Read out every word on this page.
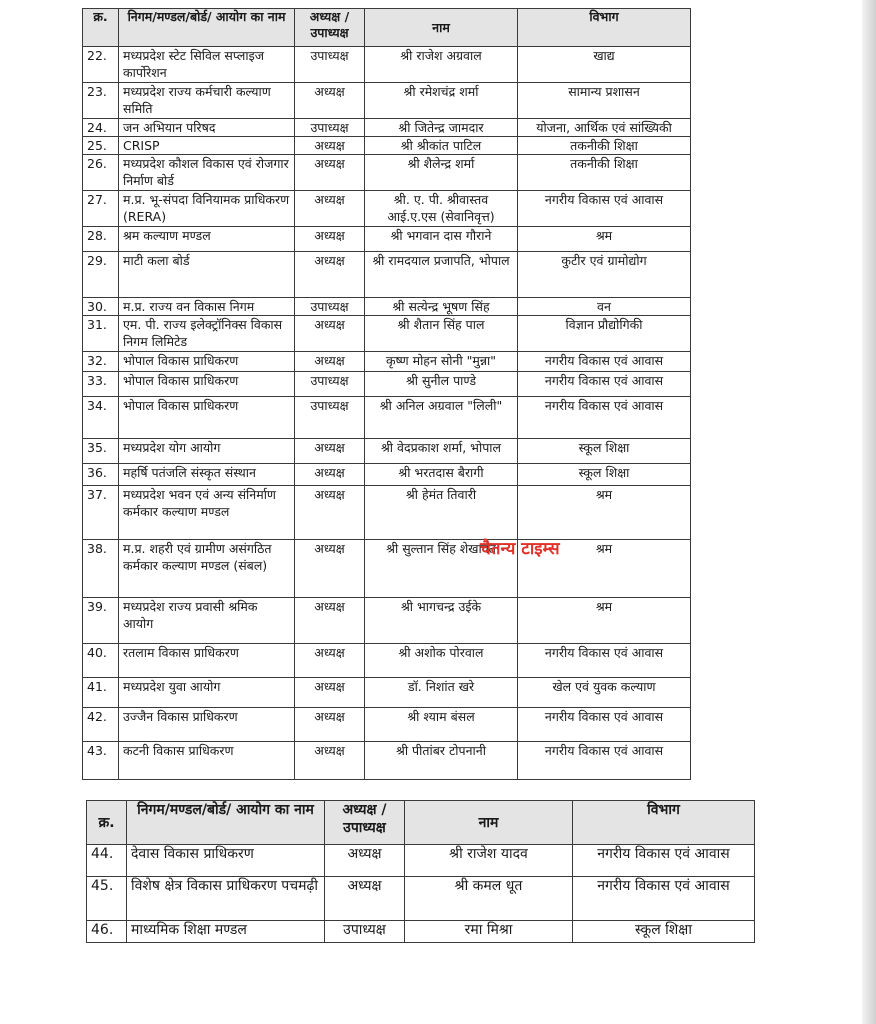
क्र.	निगम/मण्डल/बोर्ड/ आयोग का नाम	अध्यक्ष / उपाध्यक्ष	नाम	विभाग
22.	मध्यप्रदेश स्टेट सिविल सप्लाइज कार्पोरेशन	उपाध्यक्ष	श्री राजेश अग्रवाल	खाद्य
23.	मध्यप्रदेश राज्य कर्मचारी कल्याण समिति	अध्यक्ष	श्री रमेशचंद्र शर्मा	सामान्य प्रशासन
24.	जन अभियान परिषद	उपाध्यक्ष	श्री जितेन्द्र जामदार	योजना, आर्थिक एवं सांख्यिकी
25.	CRISP	अध्यक्ष	श्री श्रीकांत पाटिल	तकनीकी शिक्षा
26.	मध्यप्रदेश कौशल विकास एवं रोजगार निर्माण बोर्ड	अध्यक्ष	श्री शैलेन्द्र शर्मा	तकनीकी शिक्षा
27.	म.प्र. भू-संपदा विनियामक प्राधिकरण (RERA)	अध्यक्ष	श्री. ए. पी. श्रीवास्तव आई.ए.एस (सेवानिवृत्त)	नगरीय विकास एवं आवास
28.	श्रम कल्याण मण्डल	अध्यक्ष	श्री भगवान दास गौराने	श्रम
29.	माटी कला बोर्ड	अध्यक्ष	श्री रामदयाल प्रजापति, भोपाल	कुटीर एवं ग्रामोद्योग
30.	म.प्र. राज्य वन विकास निगम	उपाध्यक्ष	श्री सत्येन्द्र भूषण सिंह	वन
31.	एम. पी. राज्य इलेक्ट्रॉनिक्स विकास निगम लिमिटेड	अध्यक्ष	श्री शैतान सिंह पाल	विज्ञान प्रौद्योगिकी
32.	भोपाल विकास प्राधिकरण	अध्यक्ष	कृष्ण मोहन सोनी "मुन्ना"	नगरीय विकास एवं आवास
33.	भोपाल विकास प्राधिकरण	उपाध्यक्ष	श्री सुनील पाण्डे	नगरीय विकास एवं आवास
34.	भोपाल विकास प्राधिकरण	उपाध्यक्ष	श्री अनिल अग्रवाल "लिली"	नगरीय विकास एवं आवास
35.	मध्यप्रदेश योग आयोग	अध्यक्ष	श्री वेदप्रकाश शर्मा, भोपाल	स्कूल शिक्षा
36.	महर्षि पतंजलि संस्कृत संस्थान	अध्यक्ष	श्री भरतदास बैरागी	स्कूल शिक्षा
37.	मध्यप्रदेश भवन एवं अन्य संनिर्माण कर्मकार कल्याण मण्डल	अध्यक्ष	श्री हेमंत तिवारी	श्रम
38.	म.प्र. शहरी एवं ग्रामीण असंगठित कर्मकार कल्याण मण्डल (संबल)	अध्यक्ष	श्री सुल्तान सिंह शेखावत	श्रम
39.	मध्यप्रदेश राज्य प्रवासी श्रमिक आयोग	अध्यक्ष	श्री भागचन्द्र उईके	श्रम
40.	रतलाम विकास प्राधिकरण	अध्यक्ष	श्री अशोक पोरवाल	नगरीय विकास एवं आवास
41.	मध्यप्रदेश युवा आयोग	अध्यक्ष	डॉ. निशांत खरे	खेल एवं युवक कल्याण
42.	उज्जैन विकास प्राधिकरण	अध्यक्ष	श्री श्याम बंसल	नगरीय विकास एवं आवास
43.	कटनी विकास प्राधिकरण	अध्यक्ष	श्री पीतांबर टोपनानी	नगरीय विकास एवं आवास
क्र.	निगम/मण्डल/बोर्ड/ आयोग का नाम	अध्यक्ष / उपाध्यक्ष	नाम	विभाग
44.	देवास विकास प्राधिकरण	अध्यक्ष	श्री राजेश यादव	नगरीय विकास एवं आवास
45.	विशेष क्षेत्र विकास प्राधिकरण पचमढ़ी	अध्यक्ष	श्री कमल धूत	नगरीय विकास एवं आवास
46.	माध्यमिक शिक्षा मण्डल	उपाध्यक्ष	रमा मिश्रा	स्कूल शिक्षा
चैतन्य टाइम्स
